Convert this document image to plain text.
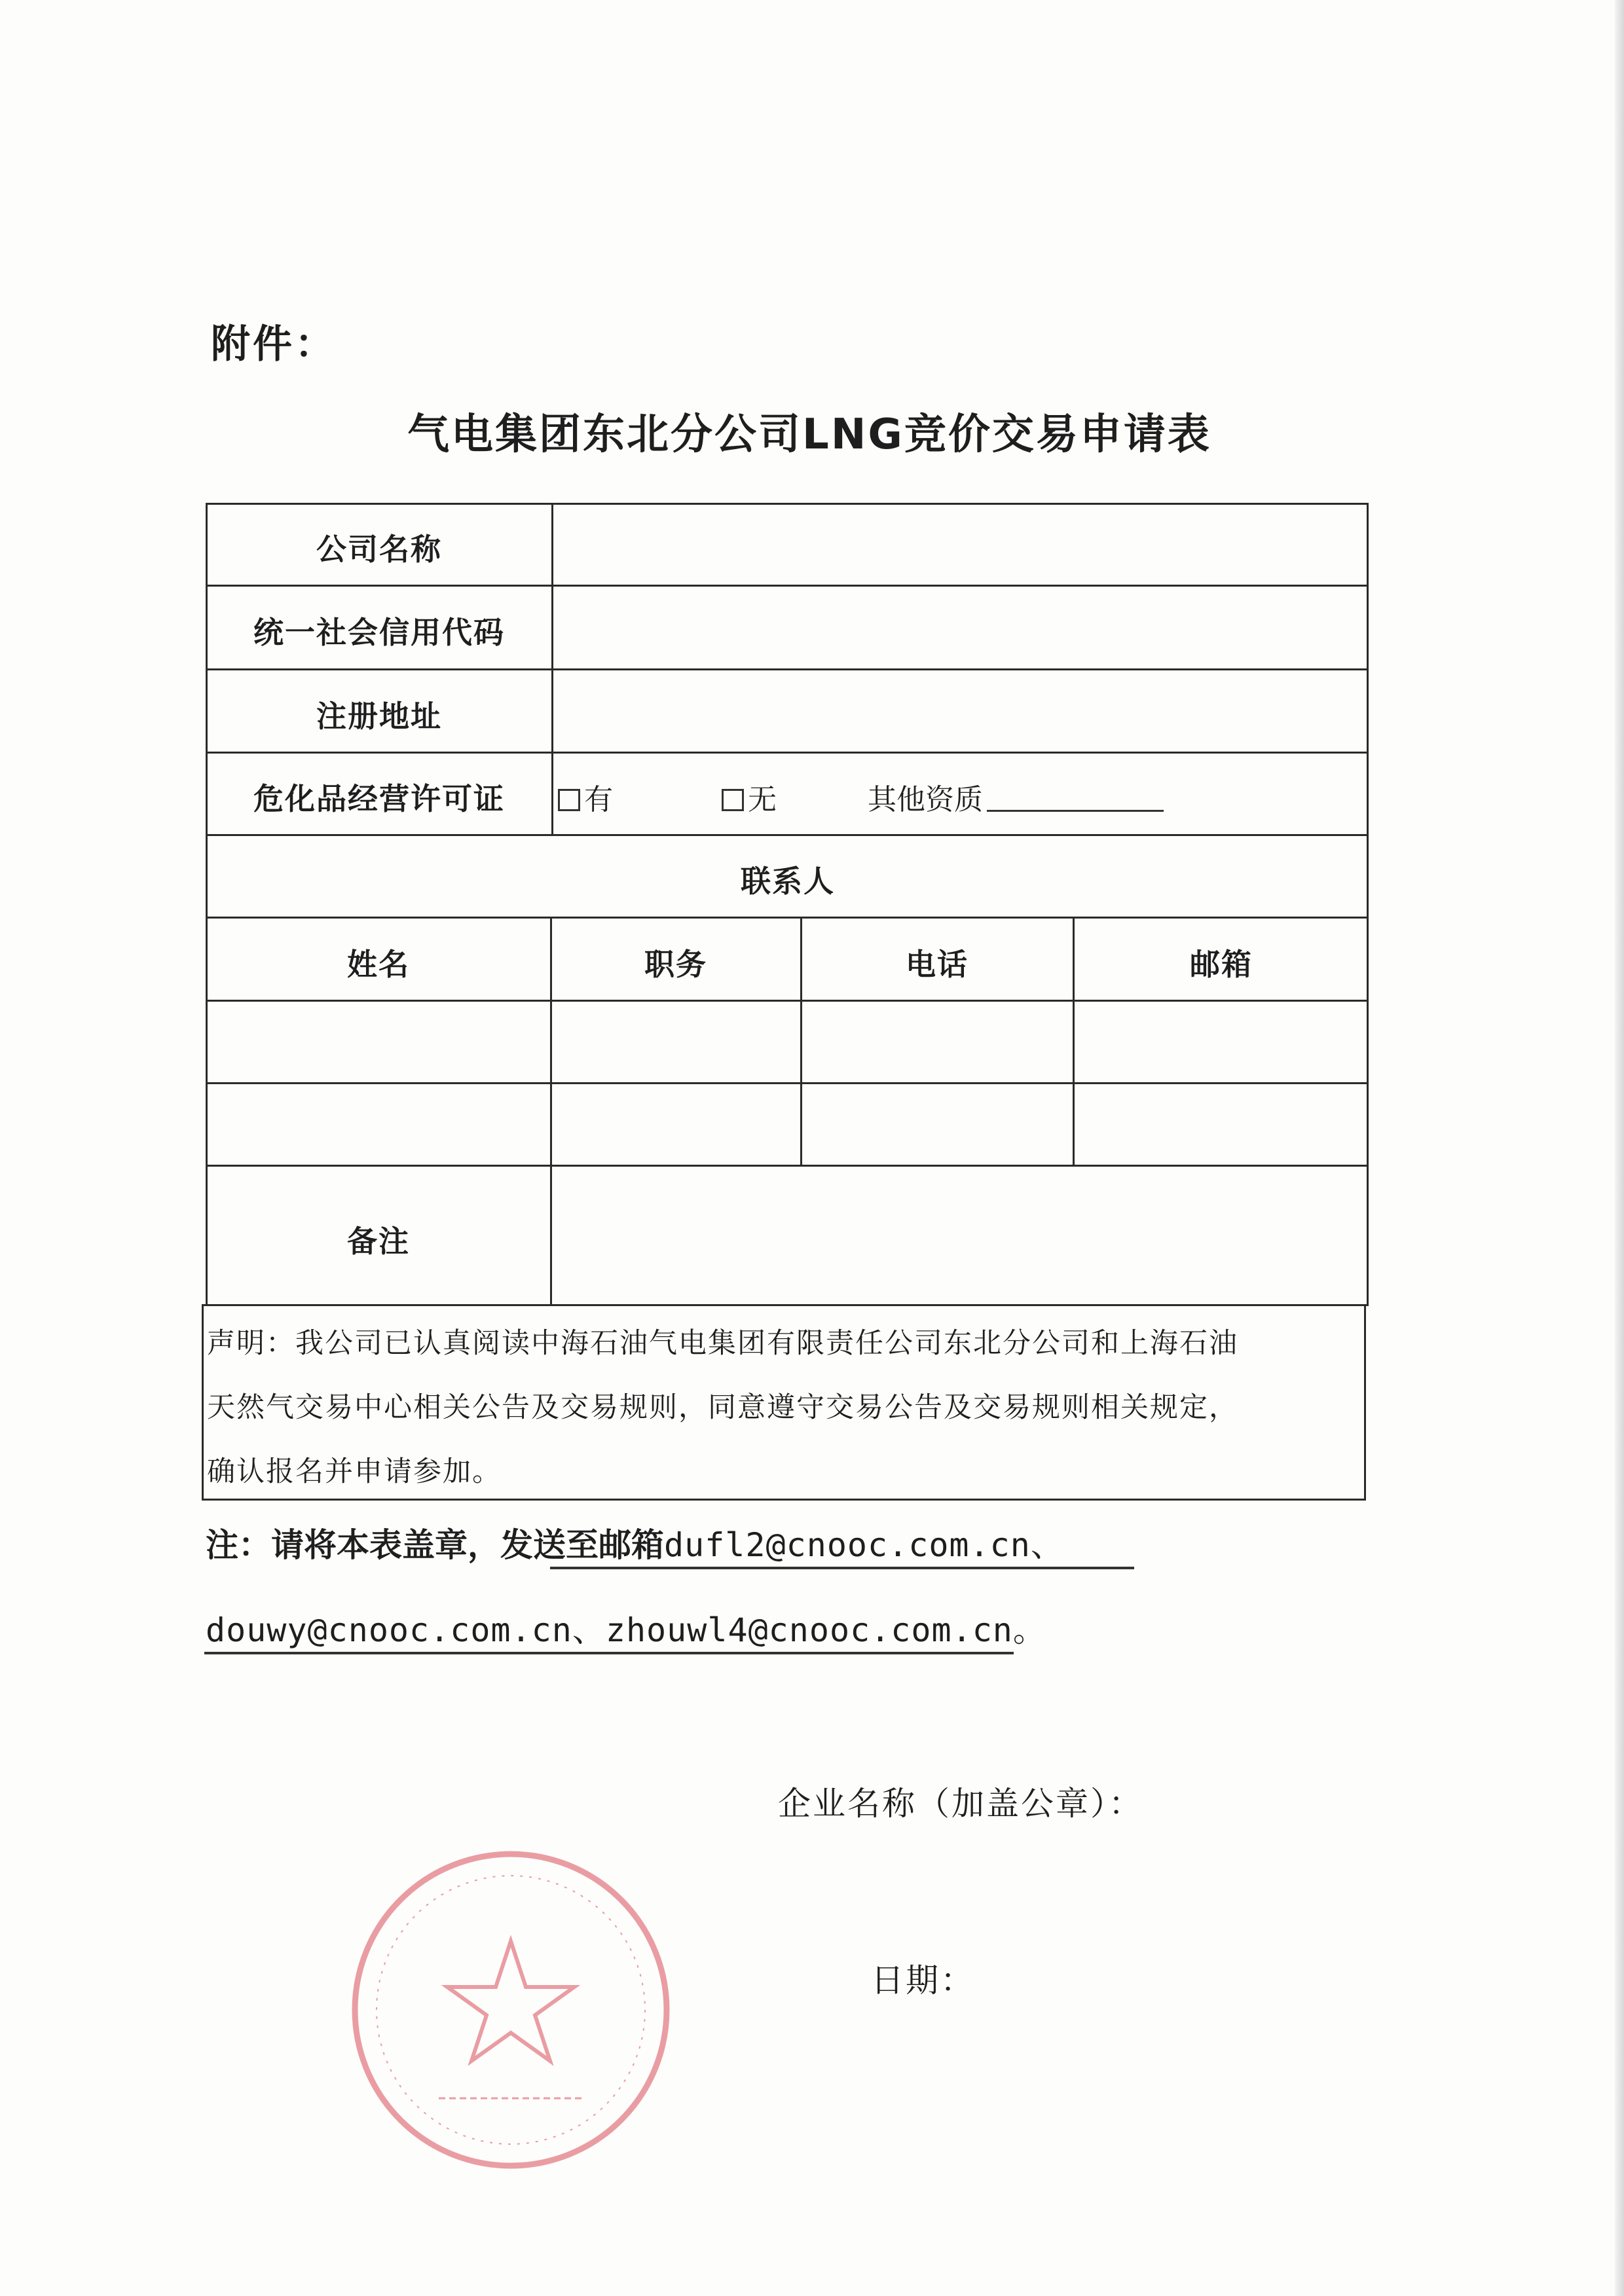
附件：
气电集团东北分公司LNG竞价交易申请表
公司名称
统一社会信用代码
注册地址
危化品经营许可证	有	无	其他资质
联系人
姓名	职务	电话	邮箱
备注
声明：我公司已认真阅读中海石油气电集团有限责任公司东北分公司和上海石油
天然气交易中心相关公告及交易规则，同意遵守交易公告及交易规则相关规定，
确认报名并申请参加。
注：请将本表盖章，发送至邮箱dufl2@cnooc.com.cn、
douwy@cnooc.com.cn、zhouwl4@cnooc.com.cn。
企业名称（加盖公章）：
日期：
